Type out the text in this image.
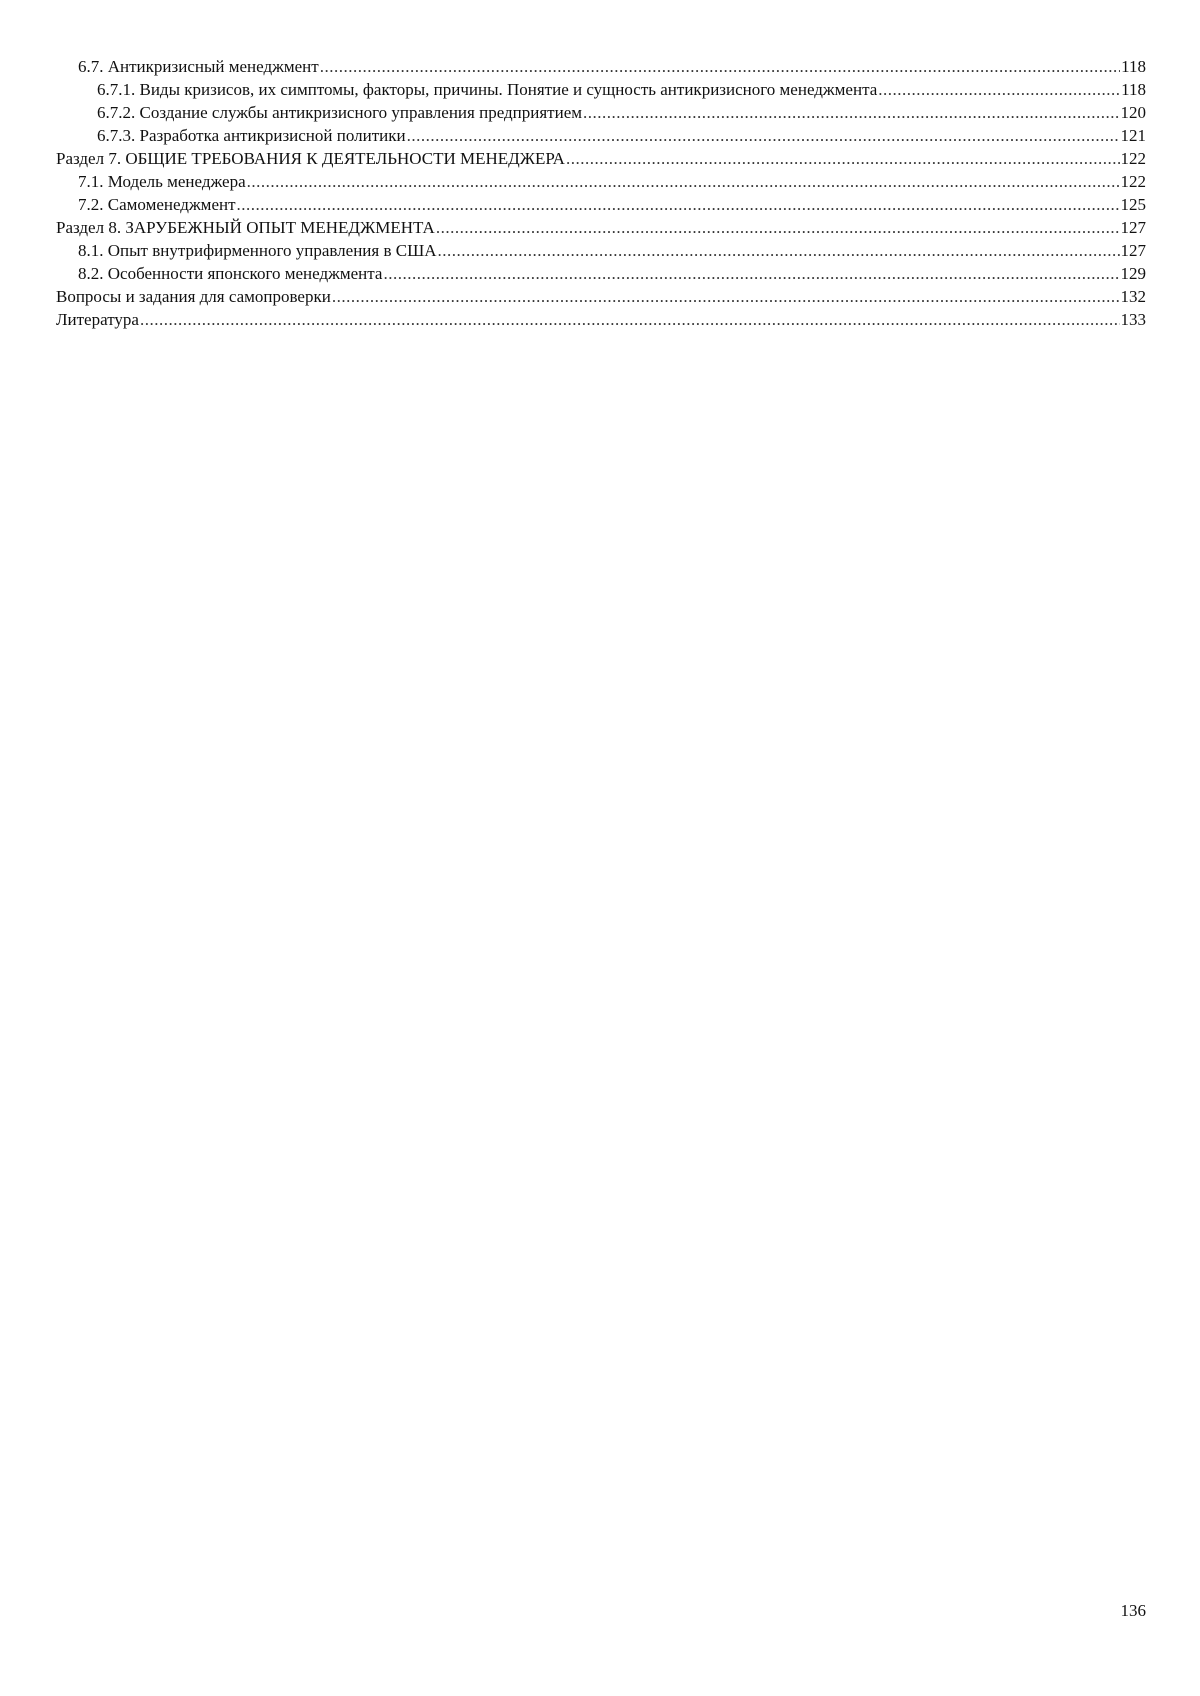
6.7. Антикризисный менеджмент .....	118
6.7.1. Виды кризисов, их симптомы, факторы, причины. Понятие и сущность антикризисного менеджмента .....	118
6.7.2. Создание службы антикризисного управления предприятием .....	120
6.7.3. Разработка антикризисной политики .....	121
Раздел 7. ОБЩИЕ ТРЕБОВАНИЯ К ДЕЯТЕЛЬНОСТИ МЕНЕДЖЕРА .....	122
7.1. Модель менеджера .....	122
7.2. Самоменеджмент .....	125
Раздел 8. ЗАРУБЕЖНЫЙ ОПЫТ МЕНЕДЖМЕНТА .....	127
8.1. Опыт внутрифирменного управления в США .....	127
8.2. Особенности японского менеджмента .....	129
Вопросы и задания для самопроверки .....	132
Литература .....	133
136
